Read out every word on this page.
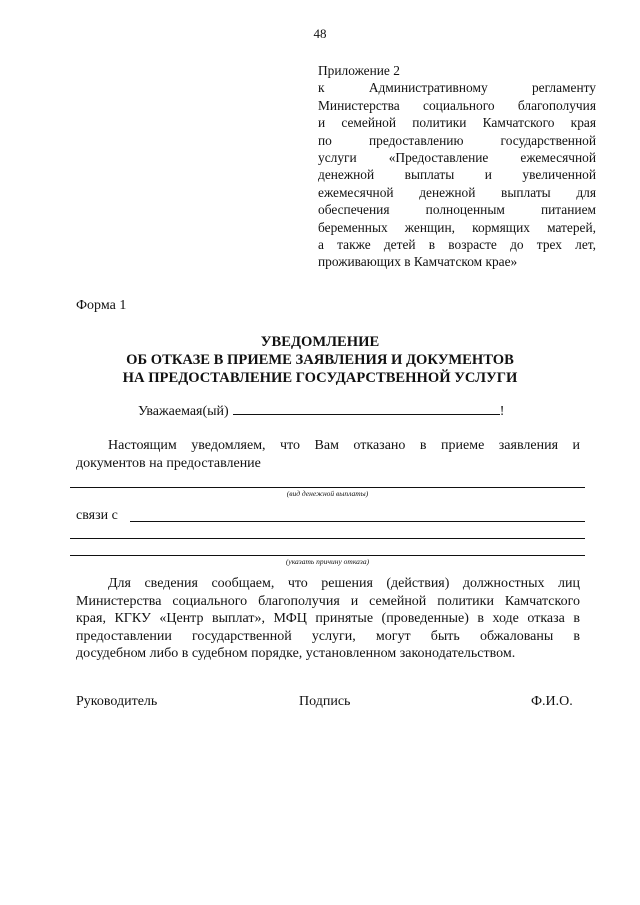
48
Приложение 2
к Административному регламенту
Министерства социального благополучия
и семейной политики Камчатского края
по предоставлению государственной
услуги «Предоставление ежемесячной
денежной выплаты и увеличенной
ежемесячной денежной выплаты для
обеспечения полноценным питанием
беременных женщин, кормящих матерей,
а также детей в возрасте до трех лет,
проживающих в Камчатском крае»
Форма 1
УВЕДОМЛЕНИЕ
ОБ ОТКАЗЕ В ПРИЕМЕ ЗАЯВЛЕНИЯ И ДОКУМЕНТОВ
НА ПРЕДОСТАВЛЕНИЕ ГОСУДАРСТВЕННОЙ УСЛУГИ
Уважаемая(ый)	!
Настоящим уведомляем, что Вам отказано в приеме заявления и
документов на предоставление
(вид денежной выплаты)
связи с
(указать причину отказа)
Для сведения сообщаем, что решения (действия) должностных лиц
Министерства социального благополучия и семейной политики Камчатского
края, КГКУ «Центр выплат», МФЦ принятые (проведенные) в ходе отказа в
предоставлении государственной услуги, могут быть обжалованы в
досудебном либо в судебном порядке, установленном законодательством.
Руководитель	Подпись	Ф.И.О.
